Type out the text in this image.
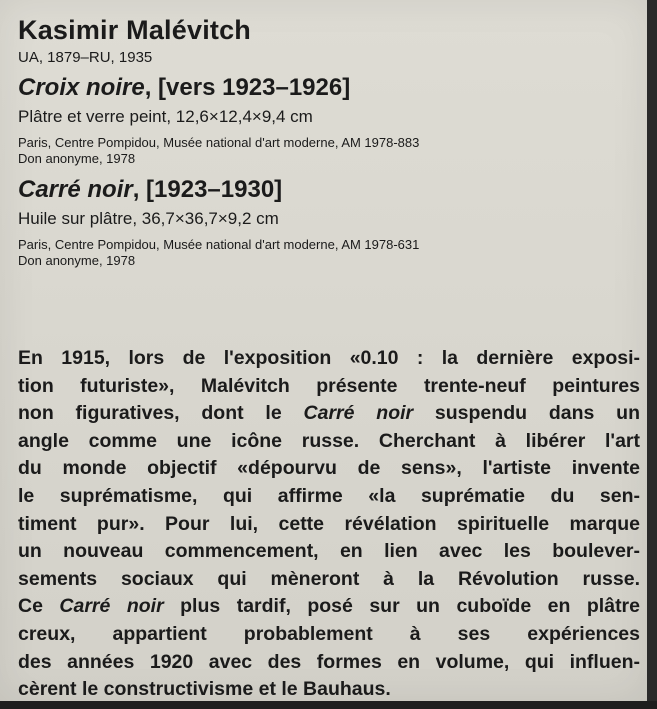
Kasimir Malévitch

UA, 1879–RU, 1935

Croix noire, [vers 1923–1926]

Plâtre et verre peint, 12,6×12,4×9,4 cm

Paris, Centre Pompidou, Musée national d'art moderne, AM 1978-883
Don anonyme, 1978

Carré noir, [1923–1930]

Huile sur plâtre, 36,7×36,7×9,2 cm

Paris, Centre Pompidou, Musée national d'art moderne, AM 1978-631
Don anonyme, 1978

En 1915, lors de l'exposition «0.10 : la dernière exposi-
tion futuriste», Malévitch présente trente-neuf peintures
non figuratives, dont le Carré noir suspendu dans un
angle comme une icône russe. Cherchant à libérer l'art
du monde objectif «dépourvu de sens», l'artiste invente
le suprématisme, qui affirme «la suprématie du sen-
timent pur». Pour lui, cette révélation spirituelle marque
un nouveau commencement, en lien avec les boulever-
sements sociaux qui mèneront à la Révolution russe.
Ce Carré noir plus tardif, posé sur un cuboïde en plâtre
creux, appartient probablement à ses expériences
des années 1920 avec des formes en volume, qui influen-
cèrent le constructivisme et le Bauhaus.
